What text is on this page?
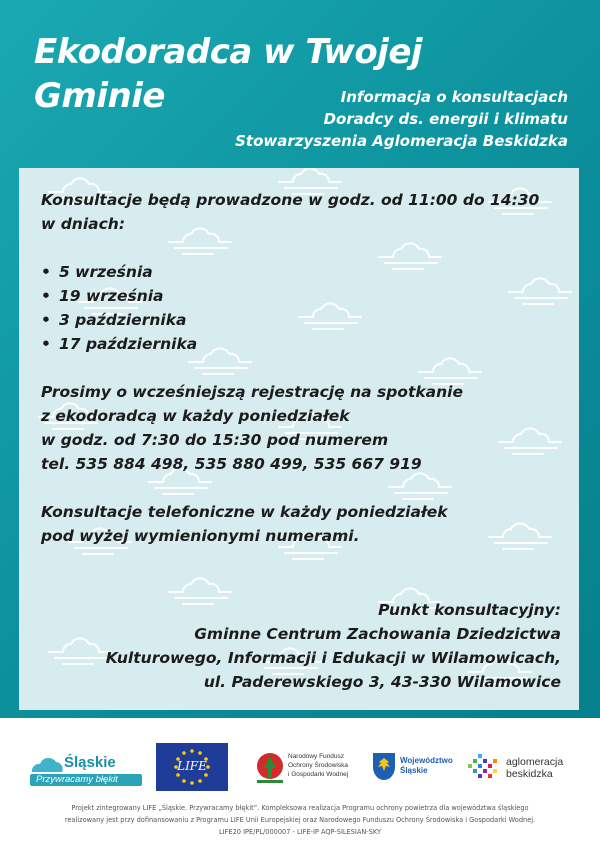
Ekodoradca w Twojej
Gminie	Informacja o konsultacjach
Doradcy ds. energii i klimatu
Stowarzyszenia Aglomeracja Beskidzka

Konsultacje będą prowadzone w godz. od 11:00 do 14:30

w dniach:

• 5 września
• 19 września
• 3 października
• 17 października

Prosimy o wcześniejszą rejestrację na spotkanie

z ekodoradcą w każdy poniedziałek

w godz. od 7:30 do 15:30 pod numerem

tel. 535 884 498, 535 880 499, 535 667 919

Konsultacje telefoniczne w każdy poniedziałek

pod wyżej wymienionymi numerami.

Punkt konsultacyjny:
Gminne Centrum Zachowania Dziedzictwa
Kulturowego, Informacji i Edukacji w Wilamowicach,
ul. Paderewskiego 3, 43-330 Wilamowice
Śląskie
Przywracamy błękit
LIFE
Narodowy Fundusz
Ochrony Środowiska
i Gospodarki Wodnej
Województwo
Śląskie
aglomeracja
beskidzka
Projekt zintegrowany LIFE „Śląskie. Przywracamy błękit”. Kompleksowa realizacja Programu ochrony powietrza dla województwa śląskiego
realizowany jest przy dofinansowaniu z Programu LIFE Unii Europejskiej oraz Narodowego Funduszu Ochrony Środowiska i Gospodarki Wodnej.
LIFE20 IPE/PL/000007 - LIFE-IP AQP-SILESIAN-SKY
